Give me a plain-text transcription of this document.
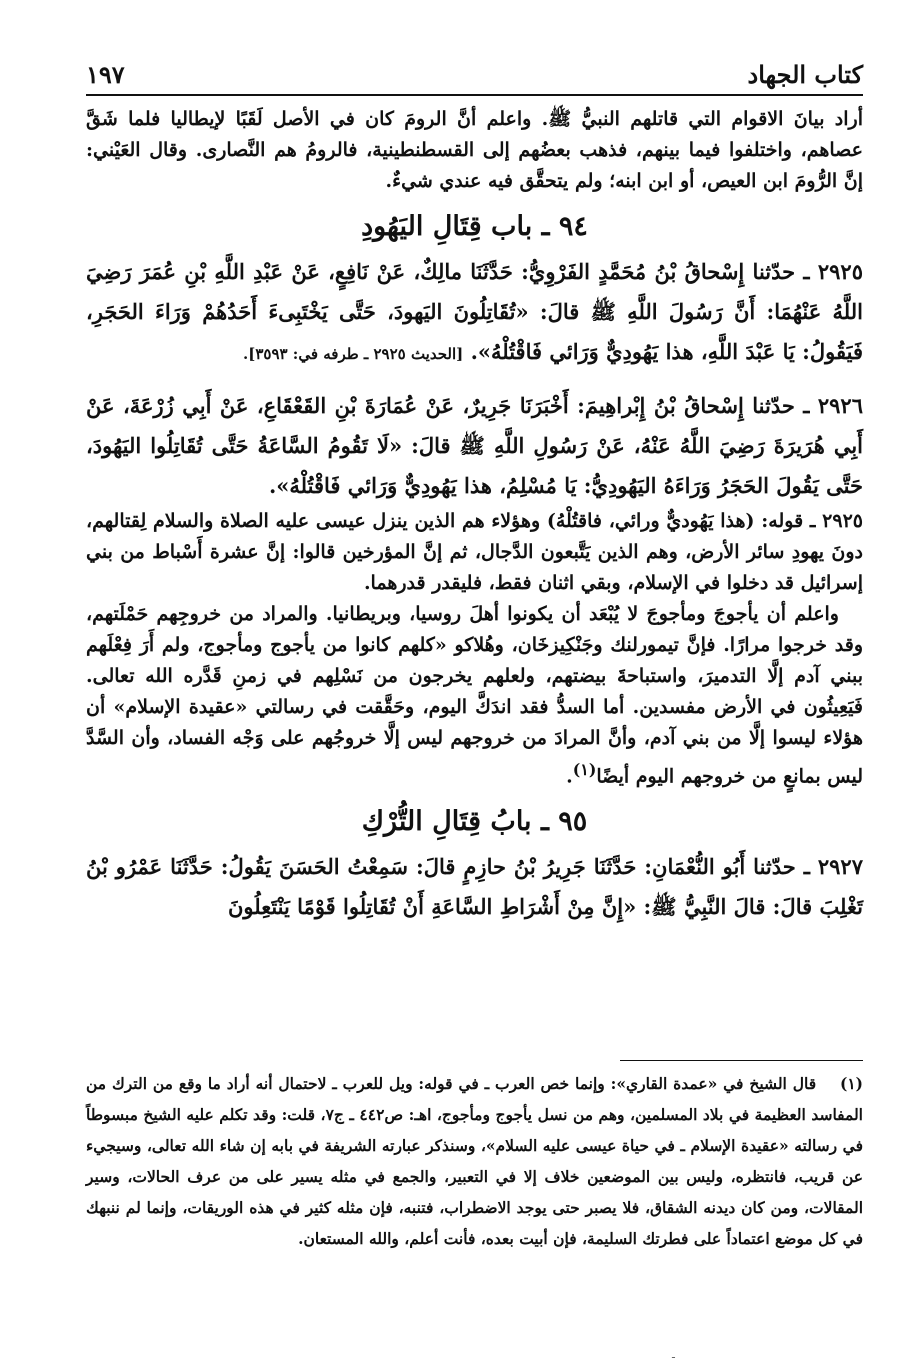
كتاب الجهاد
١٩٧

أراد بيانَ الاقوام التي قاتلهم النبيُّ ﷺ. واعلم أنَّ الرومَ كان في الأصل لَقَبًا لإيطاليا فلما شَقَّ عصاهم، واختلفوا فيما بينهم، فذهب بعضُهم إلى القسطنطينية، فالرومُ هم النَّصارى. وقال العَيْني: إنَّ الرُّومَ ابن العيص، أو ابن ابنه؛ ولم يتحقَّق فيه عندي شيءٌ.

٩٤ ـ باب قِتَالِ اليَهُودِ

٢٩٢٥ ـ حدّثنا إِسْحاقُ بْنُ مُحَمَّدٍ الفَرْوِيُّ: حَدَّثَنَا مالِكٌ، عَنْ نَافِعٍ، عَنْ عَبْدِ اللَّهِ بْنِ عُمَرَ رَضِيَ اللَّهُ عَنْهُمَا: أَنَّ رَسُولَ اللَّهِ ﷺ قالَ: «تُقَاتِلُونَ اليَهودَ، حَتَّى يَخْتَبِىءَ أَحَدُهُمْ وَرَاءَ الحَجَرِ، فَيَقُولُ: يَا عَبْدَ اللَّهِ، هذا يَهُودِيٌّ وَرَائي فَاقْتُلْهُ». [الحديث ٢٩٢٥ ـ طرفه في: ٣٥٩٣].

٢٩٢٦ ـ حدّثنا إِسْحاقُ بْنُ إِبْراهِيمَ: أَخْبَرَنَا جَرِيرٌ، عَنْ عُمَارَةَ بْنِ القَعْقَاعِ، عَنْ أَبِي زُرْعَةَ، عَنْ أَبِي هُرَيرَةَ رَضِيَ اللَّهُ عَنْهُ، عَنْ رَسُولِ اللَّهِ ﷺ قالَ: «لَا تَقُومُ السَّاعَةُ حَتَّى تُقَاتِلُوا اليَهُودَ، حَتَّى يَقُولَ الحَجَرُ وَرَاءَهُ اليَهُودِيُّ: يَا مُسْلِمُ، هذا يَهُودِيٌّ وَرَائي فَاقْتُلْهُ».

٢٩٢٥ ـ قوله: (هذا يَهُوديٌّ ورائي، فاقتُلْهُ) وهؤلاء هم الذين ينزل عيسى عليه الصلاة والسلام لِقتالهم، دونَ يهودِ سائر الأرض، وهم الذين يَتَّبعون الدَّجال، ثم إنَّ المؤرخين قالوا: إنَّ عشرة أَسْباط من بني إسرائيل قد دخلوا في الإسلام، وبقي اثنان فقط، فليقدر قدرهما.

واعلم أن يأجوجَ ومأجوجَ لا يُبْعَد أن يكونوا أهلَ روسيا، وبريطانيا. والمراد من خروجِهم حَمْلَتهم، وقد خرجوا مرارًا. فإنَّ تيمورلنك وجَنْكِيزخَان، وهُلاكو «كلهم كانوا من يأجوج ومأجوج، ولم أَرَ فِعْلَهم ببني آدم إلَّا التدميرَ، واستباحةَ بيضتهم، ولعلهم يخرجون من نَسْلِهم في زمنِ قَدَّره الله تعالى. فَيَعِيثُون في الأرض مفسدين. أما السدُّ فقد اندَكَّ اليوم، وحَقَّقت في رسالتي «عقيدة الإسلام» أن هؤلاء ليسوا إلَّا من بني آدم، وأنَّ المرادَ من خروجهم ليس إلَّا خروجُهم على وَجْه الفساد، وأن السَّدَّ ليس بمانعٍ من خروجهم اليوم أيضًا$^{(١)}$.

٩٥ ـ بابُ قِتَالِ التُّرْكِ

٢٩٢٧ ـ حدّثنا أَبُو النُّعْمَانِ: حَدَّثَنَا جَرِيرُ بْنُ حازِمٍ قالَ: سَمِعْتُ الحَسَنَ يَقُولُ: حَدَّثَنَا عَمْرُو بْنُ تَغْلِبَ قالَ: قالَ النَّبِيُّ ﷺ: «إِنَّ مِنْ أَشْرَاطِ السَّاعَةِ أَنْ تُقَاتِلُوا قَوْمًا يَنْتَعِلُونَ

(١) قال الشيخ في «عمدة القاري»: وإنما خص العرب ـ في قوله: ويل للعرب ـ لاحتمال أنه أراد ما وقع من الترك من المفاسد العظيمة في بلاد المسلمين، وهم من نسل يأجوج ومأجوج، اهـ: ص٤٤٢ ـ ج٧، قلت: وقد تكلم عليه الشيخ مبسوطاً في رسالته «عقيدة الإسلام ـ في حياة عيسى عليه السلام»، وسنذكر عبارته الشريفة في بابه إن شاء الله تعالى، وسيجيء عن قريب، فانتظره، وليس بين الموضعين خلاف إلا في التعبير، والجمع في مثله يسير على من عرف الحالات، وسير المقالات، ومن كان ديدنه الشقاق، فلا يصبر حتى يوجد الاضطراب، فتنبه، فإن مثله كثير في هذه الوريقات، وإنما لم ننبهك في كل موضع اعتماداً على فطرتك السليمة، فإن أبيت بعده، فأنت أعلم، والله المستعان.
ـ
